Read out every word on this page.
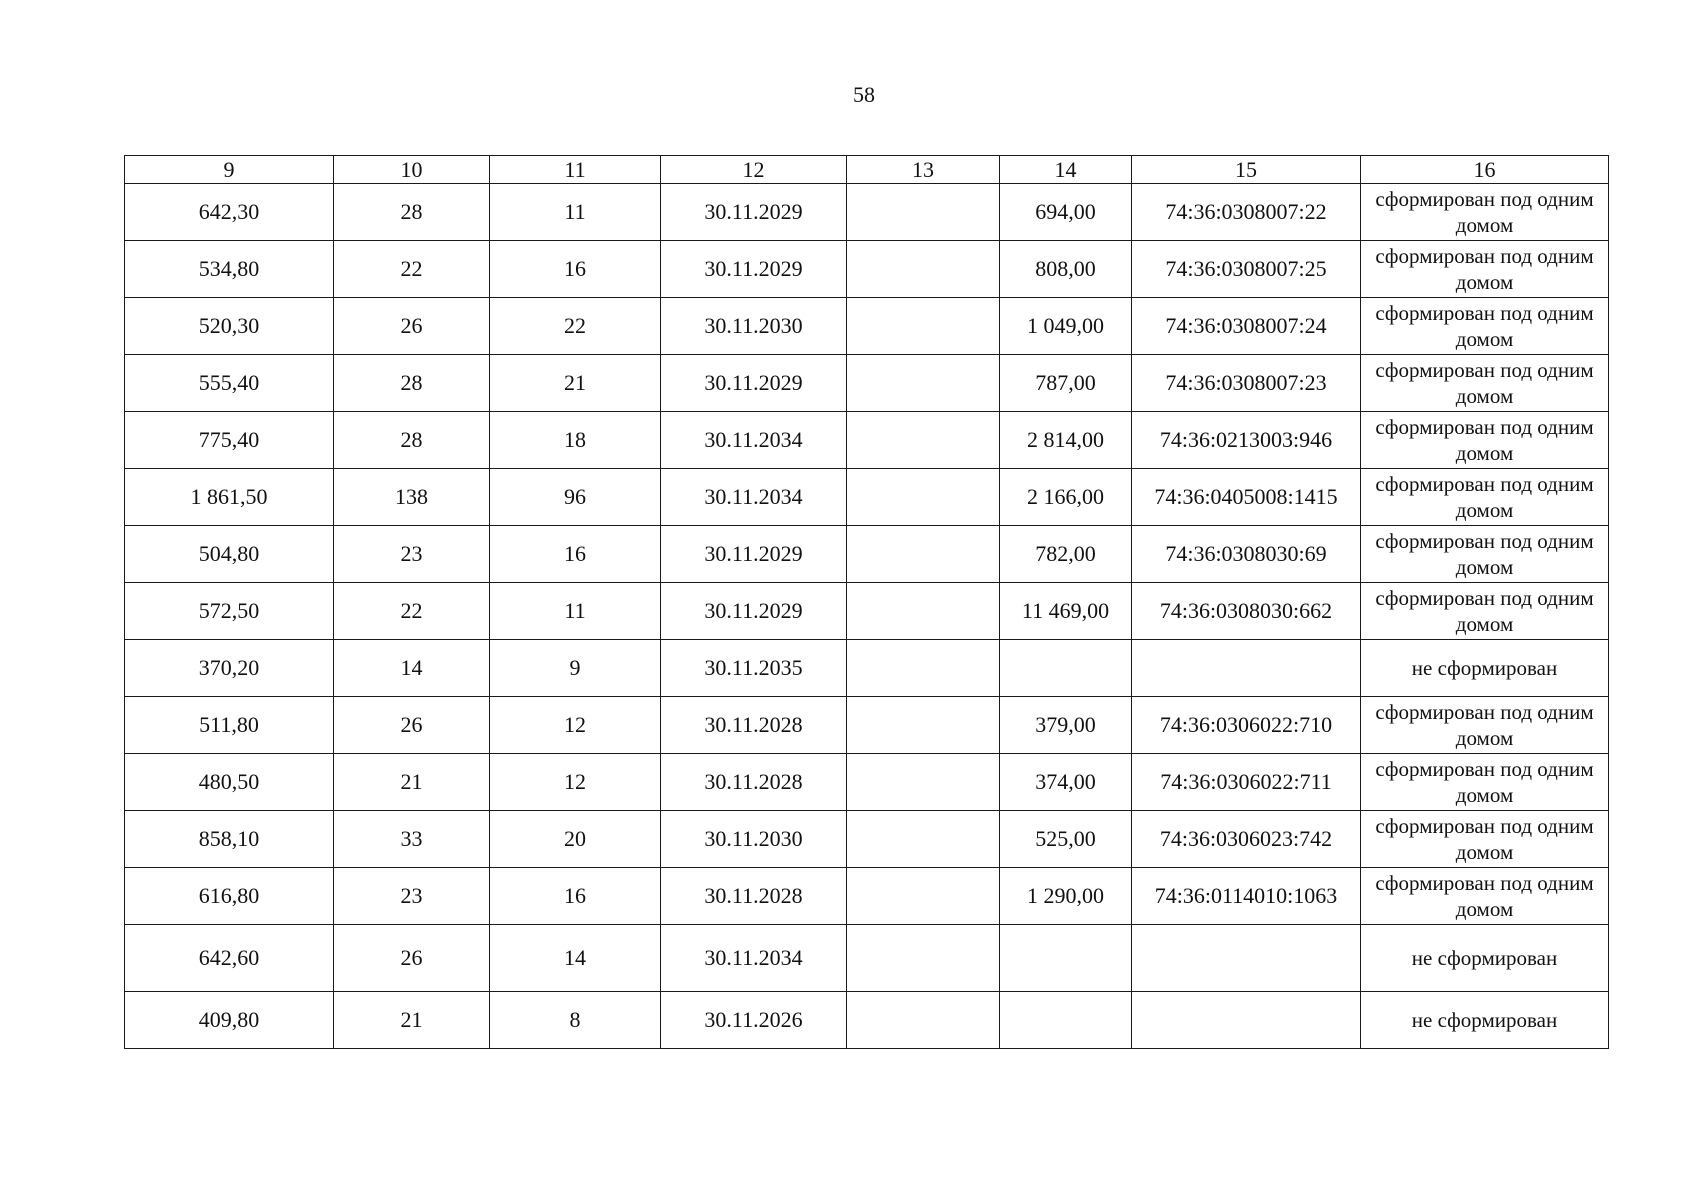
58
9	10	11	12	13	14	15	16
642,30	28	11	30.11.2029		694,00	74:36:0308007:22	сформирован под одним домом
534,80	22	16	30.11.2029		808,00	74:36:0308007:25	сформирован под одним домом
520,30	26	22	30.11.2030		1 049,00	74:36:0308007:24	сформирован под одним домом
555,40	28	21	30.11.2029		787,00	74:36:0308007:23	сформирован под одним домом
775,40	28	18	30.11.2034		2 814,00	74:36:0213003:946	сформирован под одним домом
1 861,50	138	96	30.11.2034		2 166,00	74:36:0405008:1415	сформирован под одним домом
504,80	23	16	30.11.2029		782,00	74:36:0308030:69	сформирован под одним домом
572,50	22	11	30.11.2029		11 469,00	74:36:0308030:662	сформирован под одним домом
370,20	14	9	30.11.2035				не сформирован
511,80	26	12	30.11.2028		379,00	74:36:0306022:710	сформирован под одним домом
480,50	21	12	30.11.2028		374,00	74:36:0306022:711	сформирован под одним домом
858,10	33	20	30.11.2030		525,00	74:36:0306023:742	сформирован под одним домом
616,80	23	16	30.11.2028		1 290,00	74:36:0114010:1063	сформирован под одним домом
642,60	26	14	30.11.2034				не сформирован
409,80	21	8	30.11.2026				не сформирован
